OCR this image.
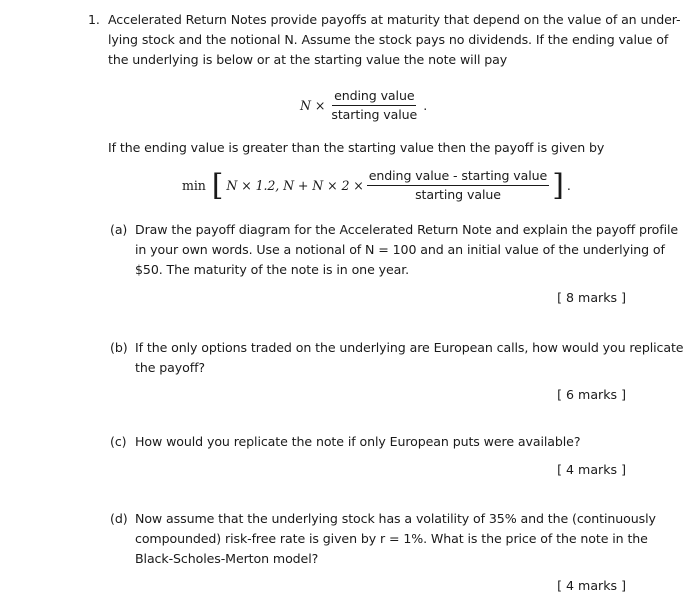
1. Accelerated Return Notes provide payoffs at maturity that depend on the value of an under-
lying stock and the notional N. Assume the stock pays no dividends. If the ending value of
the underlying is below or at the starting value the note will pay
$N \times \frac{\text{ending value}}{\text{starting value}}$ .
If the ending value is greater than the starting value then the payoff is given by
min [ N × 1.2, $N + N \times 2 \times \frac{\text{ending value - starting value}}{\text{starting value}}$ ] .
(a) Draw the payoff diagram for the Accelerated Return Note and explain the payoff profile
in your own words. Use a notional of N = 100 and an initial value of the underlying of
$50. The maturity of the note is in one year.
[ 8 marks ]
(b) If the only options traded on the underlying are European calls, how would you replicate
the payoff?
[ 6 marks ]
(c) How would you replicate the note if only European puts were available?
[ 4 marks ]
(d) Now assume that the underlying stock has a volatility of 35% and the (continuously
compounded) risk-free rate is given by r = 1%. What is the price of the note in the
Black-Scholes-Merton model?
[ 4 marks ]
